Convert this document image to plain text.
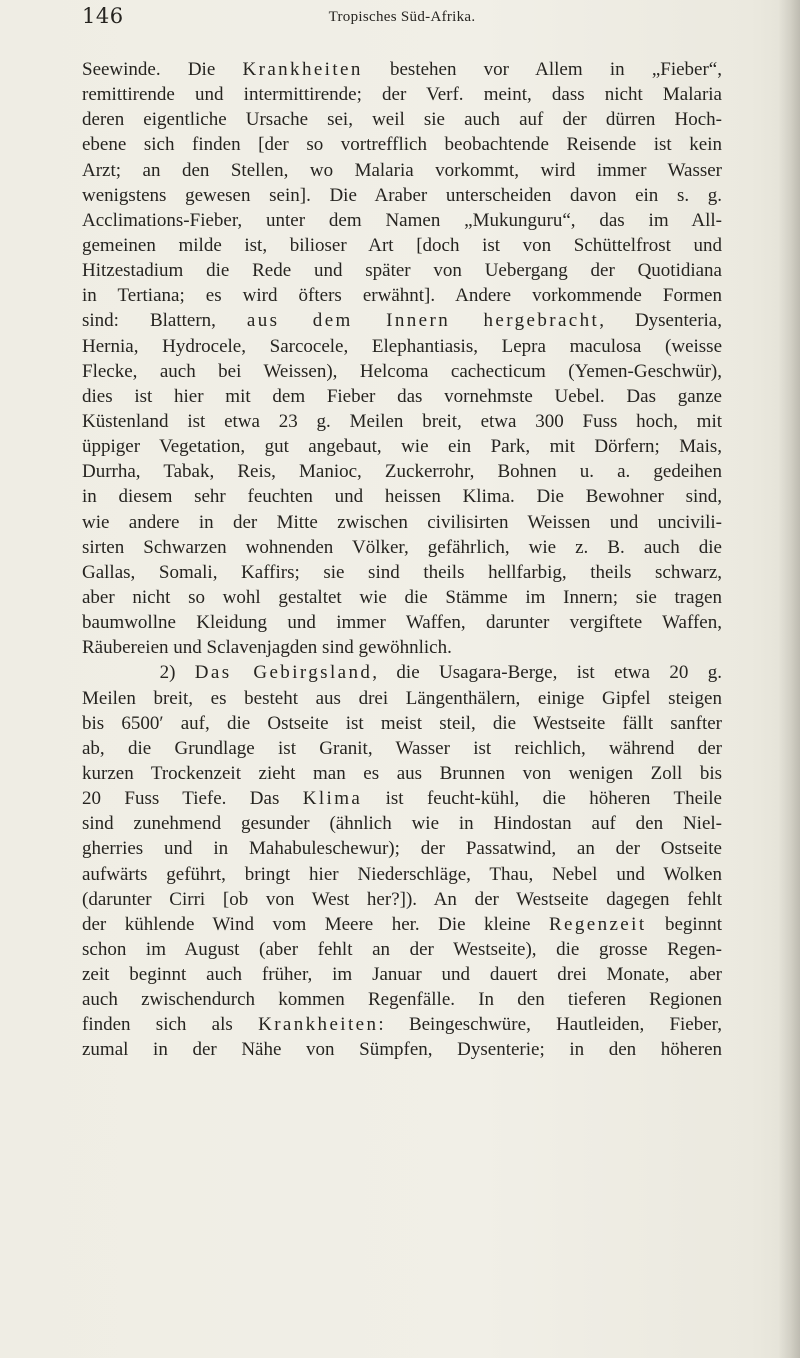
146	Tropisches Süd-Afrika.
Seewinde. Die Krankheiten bestehen vor Allem in „Fieber“,
remittirende und intermittirende; der Verf. meint, dass nicht Malaria
deren eigentliche Ursache sei, weil sie auch auf der dürren Hoch-
ebene sich finden [der so vortrefflich beobachtende Reisende ist kein
Arzt; an den Stellen, wo Malaria vorkommt, wird immer Wasser
wenigstens gewesen sein]. Die Araber unterscheiden davon ein s. g.
Acclimations-Fieber, unter dem Namen „Mukunguru“, das im All-
gemeinen milde ist, bilioser Art [doch ist von Schüttelfrost und
Hitzestadium die Rede und später von Uebergang der Quotidiana
in Tertiana; es wird öfters erwähnt]. Andere vorkommende Formen
sind: Blattern, aus dem Innern hergebracht, Dysenteria,
Hernia, Hydrocele, Sarcocele, Elephantiasis, Lepra maculosa (weisse
Flecke, auch bei Weissen), Helcoma cachecticum (Yemen-Geschwür),
dies ist hier mit dem Fieber das vornehmste Uebel. Das ganze
Küstenland ist etwa 23 g. Meilen breit, etwa 300 Fuss hoch, mit
üppiger Vegetation, gut angebaut, wie ein Park, mit Dörfern; Mais,
Durrha, Tabak, Reis, Manioc, Zuckerrohr, Bohnen u. a. gedeihen
in diesem sehr feuchten und heissen Klima. Die Bewohner sind,
wie andere in der Mitte zwischen civilisirten Weissen und uncivili-
sirten Schwarzen wohnenden Völker, gefährlich, wie z. B. auch die
Gallas, Somali, Kaffirs; sie sind theils hellfarbig, theils schwarz,
aber nicht so wohl gestaltet wie die Stämme im Innern; sie tragen
baumwollne Kleidung und immer Waffen, darunter vergiftete Waffen,
Räubereien und Sclavenjagden sind gewöhnlich.
2) Das Gebirgsland, die Usagara-Berge, ist etwa 20 g.
Meilen breit, es besteht aus drei Längenthälern, einige Gipfel steigen
bis 6500′ auf, die Ostseite ist meist steil, die Westseite fällt sanfter
ab, die Grundlage ist Granit, Wasser ist reichlich, während der
kurzen Trockenzeit zieht man es aus Brunnen von wenigen Zoll bis
20 Fuss Tiefe. Das Klima ist feucht-kühl, die höheren Theile
sind zunehmend gesunder (ähnlich wie in Hindostan auf den Niel-
gherries und in Mahabuleschewur); der Passatwind, an der Ostseite
aufwärts geführt, bringt hier Niederschläge, Thau, Nebel und Wolken
(darunter Cirri [ob von West her?]). An der Westseite dagegen fehlt
der kühlende Wind vom Meere her. Die kleine Regenzeit beginnt
schon im August (aber fehlt an der Westseite), die grosse Regen-
zeit beginnt auch früher, im Januar und dauert drei Monate, aber
auch zwischendurch kommen Regenfälle. In den tieferen Regionen
finden sich als Krankheiten: Beingeschwüre, Hautleiden, Fieber,
zumal in der Nähe von Sümpfen, Dysenterie; in den höheren
